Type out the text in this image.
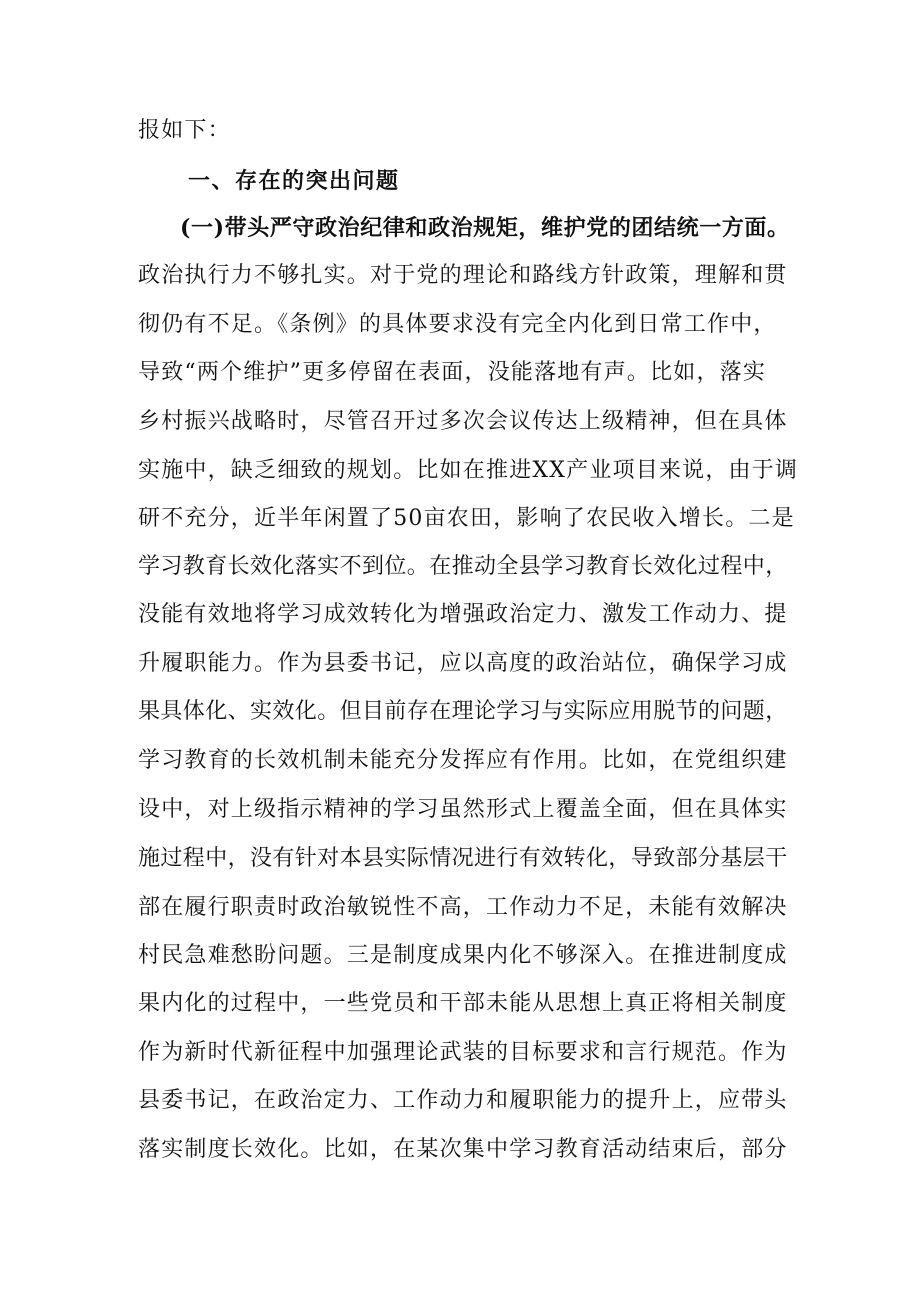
报如下：
一、存在的突出问题
(一)带头严守政治纪律和政治规矩，维护党的团结统一方面。
政治执行力不够扎实。对于党的理论和路线方针政策，理解和贯
彻仍有不足。《条例》的具体要求没有完全内化到日常工作中，
导致“两个维护”更多停留在表面，没能落地有声。比如，落实
乡村振兴战略时，尽管召开过多次会议传达上级精神，但在具体
实施中，缺乏细致的规划。比如在推进XX产业项目来说，由于调
研不充分，近半年闲置了50亩农田，影响了农民收入增长。二是
学习教育长效化落实不到位。在推动全县学习教育长效化过程中，
没能有效地将学习成效转化为增强政治定力、激发工作动力、提
升履职能力。作为县委书记，应以高度的政治站位，确保学习成
果具体化、实效化。但目前存在理论学习与实际应用脱节的问题，
学习教育的长效机制未能充分发挥应有作用。比如，在党组织建
设中，对上级指示精神的学习虽然形式上覆盖全面，但在具体实
施过程中，没有针对本县实际情况进行有效转化，导致部分基层干
部在履行职责时政治敏锐性不高，工作动力不足，未能有效解决
村民急难愁盼问题。三是制度成果内化不够深入。在推进制度成
果内化的过程中，一些党员和干部未能从思想上真正将相关制度
作为新时代新征程中加强理论武装的目标要求和言行规范。作为
县委书记，在政治定力、工作动力和履职能力的提升上，应带头
落实制度长效化。比如，在某次集中学习教育活动结束后，部分
